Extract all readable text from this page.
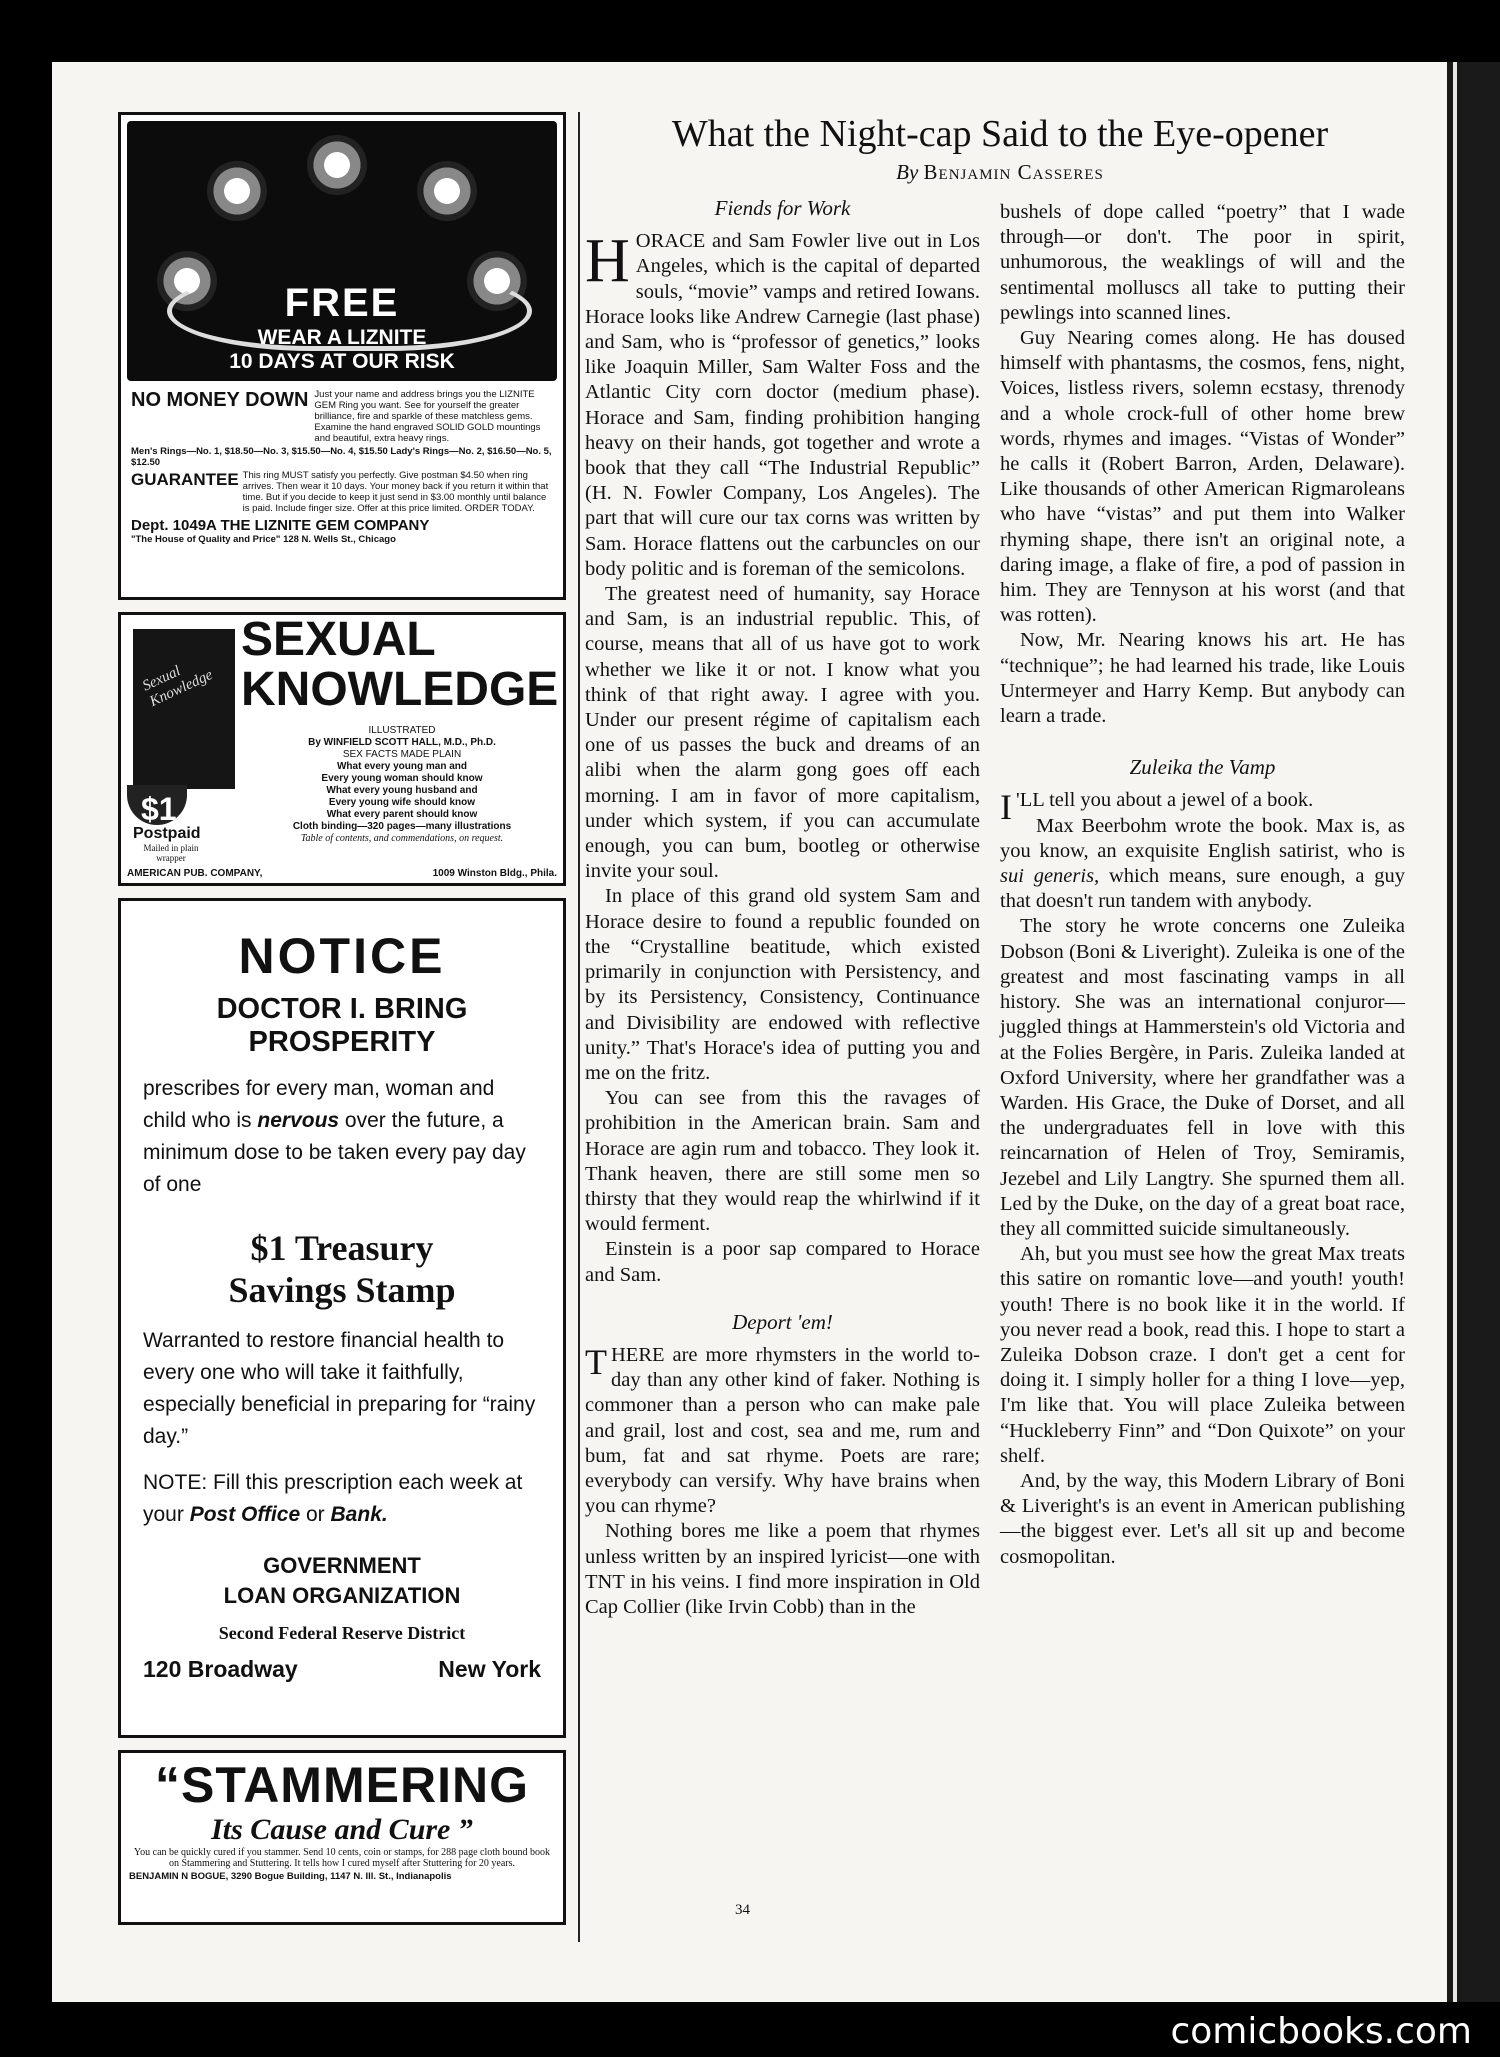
FREE
WEAR A LIZNITE
10 DAYS AT OUR RISK
NO MONEY DOWN Just your name and address brings you the LIZNITE GEM Ring you want. See for yourself the greater brilliance, fire and sparkle of these matchless gems. Examine the hand engraved SOLID GOLD mountings and beautiful, extra heavy rings.
Men's Rings—No. 1, $18.50—No. 3, $15.50—No. 4, $15.50 Lady's Rings—No. 2, $16.50—No. 5, $12.50
GUARANTEE This ring MUST satisfy you perfectly. Give postman $4.50 when ring arrives. Then wear it 10 days. Your money back if you return it within that time. But if you decide to keep it just send in $3.00 monthly until balance is paid. Include finger size. Offer at this price limited. ORDER TODAY.
Dept. 1049A THE LIZNITE GEM COMPANY
"The House of Quality and Price" 128 N. Wells St., Chicago
Sexual Knowledge
$1.00
Postpaid
Mailed in plain wrapper
SEXUAL
KNOWLEDGE
ILLUSTRATED
By WINFIELD SCOTT HALL, M.D., Ph.D.
SEX FACTS MADE PLAIN
What every young man and
Every young woman should know
What every young husband and
Every young wife should know
What every parent should know
Cloth binding—320 pages—many illustrations
Table of contents, and commendations, on request.
AMERICAN PUB. COMPANY,	1009 Winston Bldg., Phila.
NOTICE
DOCTOR I. BRING PROSPERITY

prescribes for every man, woman and child who is nervous over the future, a minimum dose to be taken every pay day of one

$1 Treasury
Savings Stamp

Warranted to restore financial health to every one who will take it faithfully, especially beneficial in preparing for “rainy day.”

NOTE: Fill this prescription each week at your Post Office or Bank.

GOVERNMENT
LOAN ORGANIZATION
Second Federal Reserve District
120 Broadway	New York
“STAMMERING
Its Cause and Cure ”
You can be quickly cured if you stammer. Send 10 cents, coin or stamps, for 288 page cloth bound book on Stammering and Stuttering. It tells how I cured myself after Stuttering for 20 years.
BENJAMIN N BOGUE, 3290 Bogue Building, 1147 N. Ill. St., Indianapolis
What the Night-cap Said to the Eye-opener
By Benjamin Casseres
Fiends for Work

HORACE and Sam Fowler live out in Los Angeles, which is the capital of departed souls, “movie” vamps and retired Iowans. Horace looks like Andrew Carnegie (last phase) and Sam, who is “professor of genetics,” looks like Joaquin Miller, Sam Walter Foss and the Atlantic City corn doctor (medium phase). Horace and Sam, finding prohibition hanging heavy on their hands, got together and wrote a book that they call “The Industrial Republic” (H. N. Fowler Company, Los Angeles). The part that will cure our tax corns was written by Sam. Horace flattens out the carbuncles on our body politic and is foreman of the semicolons.

The greatest need of humanity, say Horace and Sam, is an industrial republic. This, of course, means that all of us have got to work whether we like it or not. I know what you think of that right away. I agree with you. Under our present régime of capitalism each one of us passes the buck and dreams of an alibi when the alarm gong goes off each morning. I am in favor of more capitalism, under which system, if you can accumulate enough, you can bum, bootleg or otherwise invite your soul.

In place of this grand old system Sam and Horace desire to found a republic founded on the “Crystalline beatitude, which existed primarily in conjunction with Persistency, and by its Persistency, Consistency, Continuance and Divisibility are endowed with reflective unity.” That's Horace's idea of putting you and me on the fritz.

You can see from this the ravages of prohibition in the American brain. Sam and Horace are agin rum and tobacco. They look it. Thank heaven, there are still some men so thirsty that they would reap the whirlwind if it would ferment.

Einstein is a poor sap compared to Horace and Sam.

Deport 'em!

THERE are more rhymsters in the world to-day than any other kind of faker. Nothing is commoner than a person who can make pale and grail, lost and cost, sea and me, rum and bum, fat and sat rhyme. Poets are rare; everybody can versify. Why have brains when you can rhyme?

Nothing bores me like a poem that rhymes unless written by an inspired lyricist—one with TNT in his veins. I find more inspiration in Old Cap Collier (like Irvin Cobb) than in the

bushels of dope called “poetry” that I wade through—or don't. The poor in spirit, unhumorous, the weaklings of will and the sentimental molluscs all take to putting their pewlings into scanned lines.

Guy Nearing comes along. He has doused himself with phantasms, the cosmos, fens, night, Voices, listless rivers, solemn ecstasy, threnody and a whole crock-full of other home brew words, rhymes and images. “Vistas of Wonder” he calls it (Robert Barron, Arden, Delaware). Like thousands of other American Rigmaroleans who have “vistas” and put them into Walker rhyming shape, there isn't an original note, a daring image, a flake of fire, a pod of passion in him. They are Tennyson at his worst (and that was rotten).

Now, Mr. Nearing knows his art. He has “technique”; he had learned his trade, like Louis Untermeyer and Harry Kemp. But anybody can learn a trade.

Zuleika the Vamp

I 'LL tell you about a jewel of a book.

Max Beerbohm wrote the book. Max is, as you know, an exquisite English satirist, who is sui generis, which means, sure enough, a guy that doesn't run tandem with anybody.

The story he wrote concerns one Zuleika Dobson (Boni & Liveright). Zuleika is one of the greatest and most fascinating vamps in all history. She was an international conjuror—juggled things at Hammerstein's old Victoria and at the Folies Bergère, in Paris. Zuleika landed at Oxford University, where her grandfather was a Warden. His Grace, the Duke of Dorset, and all the undergraduates fell in love with this reincarnation of Helen of Troy, Semiramis, Jezebel and Lily Langtry. She spurned them all. Led by the Duke, on the day of a great boat race, they all committed suicide simultaneously.

Ah, but you must see how the great Max treats this satire on romantic love—and youth! youth! youth! There is no book like it in the world. If you never read a book, read this. I hope to start a Zuleika Dobson craze. I don't get a cent for doing it. I simply holler for a thing I love—yep, I'm like that. You will place Zuleika between “Huckleberry Finn” and “Don Quixote” on your shelf.

And, by the way, this Modern Library of Boni & Liveright's is an event in American publishing—the biggest ever. Let's all sit up and become cosmopolitan.

34
comicbooks.com
